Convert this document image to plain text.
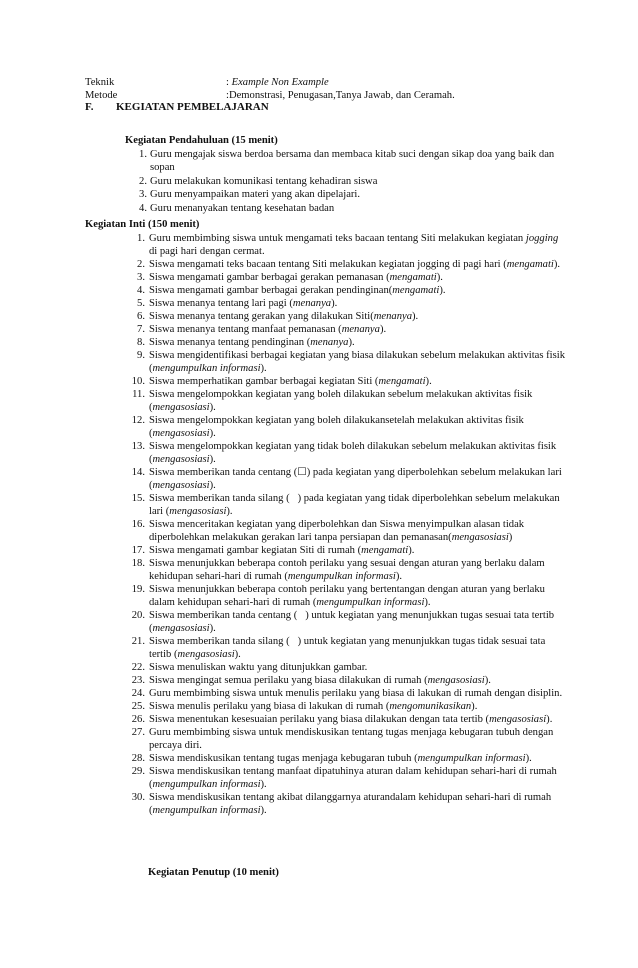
Teknik	: Example Non Example
Metode	:Demonstrasi, Penugasan,Tanya Jawab, dan Ceramah.
F. KEGIATAN PEMBELAJARAN
Kegiatan Pendahuluan (15 menit)
1. Guru mengajak siswa berdoa bersama dan membaca kitab suci dengan sikap doa yang baik dan sopan
2. Guru melakukan komunikasi tentang kehadiran siswa
3. Guru menyampaikan materi yang akan dipelajari.
4. Guru menanyakan tentang kesehatan badan
Kegiatan Inti (150 menit)
1. Guru membimbing siswa untuk mengamati teks bacaan tentang Siti melakukan kegiatan jogging di pagi hari dengan cermat.
2. Siswa mengamati teks bacaan tentang Siti melakukan kegiatan jogging di pagi hari (mengamati).
3. Siswa mengamati gambar berbagai gerakan pemanasan (mengamati).
4. Siswa mengamati gambar berbagai gerakan pendinginan(mengamati).
5. Siswa menanya tentang lari pagi (menanya).
6. Siswa menanya tentang gerakan yang dilakukan Siti(menanya).
7. Siswa menanya tentang manfaat pemanasan (menanya).
8. Siswa menanya tentang pendinginan (menanya).
9. Siswa mengidentifikasi berbagai kegiatan yang biasa dilakukan sebelum melakukan aktivitas fisik (mengumpulkan informasi).
10. Siswa memperhatikan gambar berbagai kegiatan Siti (mengamati).
11. Siswa mengelompokkan kegiatan yang boleh dilakukan sebelum melakukan aktivitas fisik (mengasosiasi).
12. Siswa mengelompokkan kegiatan yang boleh dilakukansetelah melakukan aktivitas fisik (mengasosiasi).
13. Siswa mengelompokkan kegiatan yang tidak boleh dilakukan sebelum melakukan aktivitas fisik (mengasosiasi).
14. Siswa memberikan tanda centang (☐) pada kegiatan yang diperbolehkan sebelum melakukan lari (mengasosiasi).
15. Siswa memberikan tanda silang (   ) pada kegiatan yang tidak diperbolehkan sebelum melakukan lari (mengasosiasi).
16. Siswa menceritakan kegiatan yang diperbolehkan dan Siswa menyimpulkan alasan tidak diperbolehkan melakukan gerakan lari tanpa persiapan dan pemanasan(mengasosiasi)
17. Siswa mengamati gambar kegiatan Siti di rumah (mengamati).
18. Siswa menunjukkan beberapa contoh perilaku yang sesuai dengan aturan yang berlaku dalam kehidupan sehari-hari di rumah (mengumpulkan informasi).
19. Siswa menunjukkan beberapa contoh perilaku yang bertentangan dengan aturan yang berlaku dalam kehidupan sehari-hari di rumah (mengumpulkan informasi).
20. Siswa memberikan tanda centang (   ) untuk kegiatan yang menunjukkan tugas sesuai tata tertib (mengasosiasi).
21. Siswa memberikan tanda silang (   ) untuk kegiatan yang menunjukkan tugas tidak sesuai tata tertib (mengasosiasi).
22. Siswa menuliskan waktu yang ditunjukkan gambar.
23. Siswa mengingat semua perilaku yang biasa dilakukan di rumah (mengasosiasi).
24. Guru membimbing siswa untuk menulis perilaku yang biasa di lakukan di rumah dengan disiplin.
25. Siswa menulis perilaku yang biasa di lakukan di rumah (mengomunikasikan).
26. Siswa menentukan kesesuaian perilaku yang biasa dilakukan dengan tata tertib (mengasosiasi).
27. Guru membimbing siswa untuk mendiskusikan tentang tugas menjaga kebugaran tubuh dengan percaya diri.
28. Siswa mendiskusikan tentang tugas menjaga kebugaran tubuh (mengumpulkan informasi).
29. Siswa mendiskusikan tentang manfaat dipatuhinya aturan dalam kehidupan sehari-hari di rumah (mengumpulkan informasi).
30. Siswa mendiskusikan tentang akibat dilanggarnya aturandalam kehidupan sehari-hari di rumah (mengumpulkan informasi).
Kegiatan Penutup (10 menit)
